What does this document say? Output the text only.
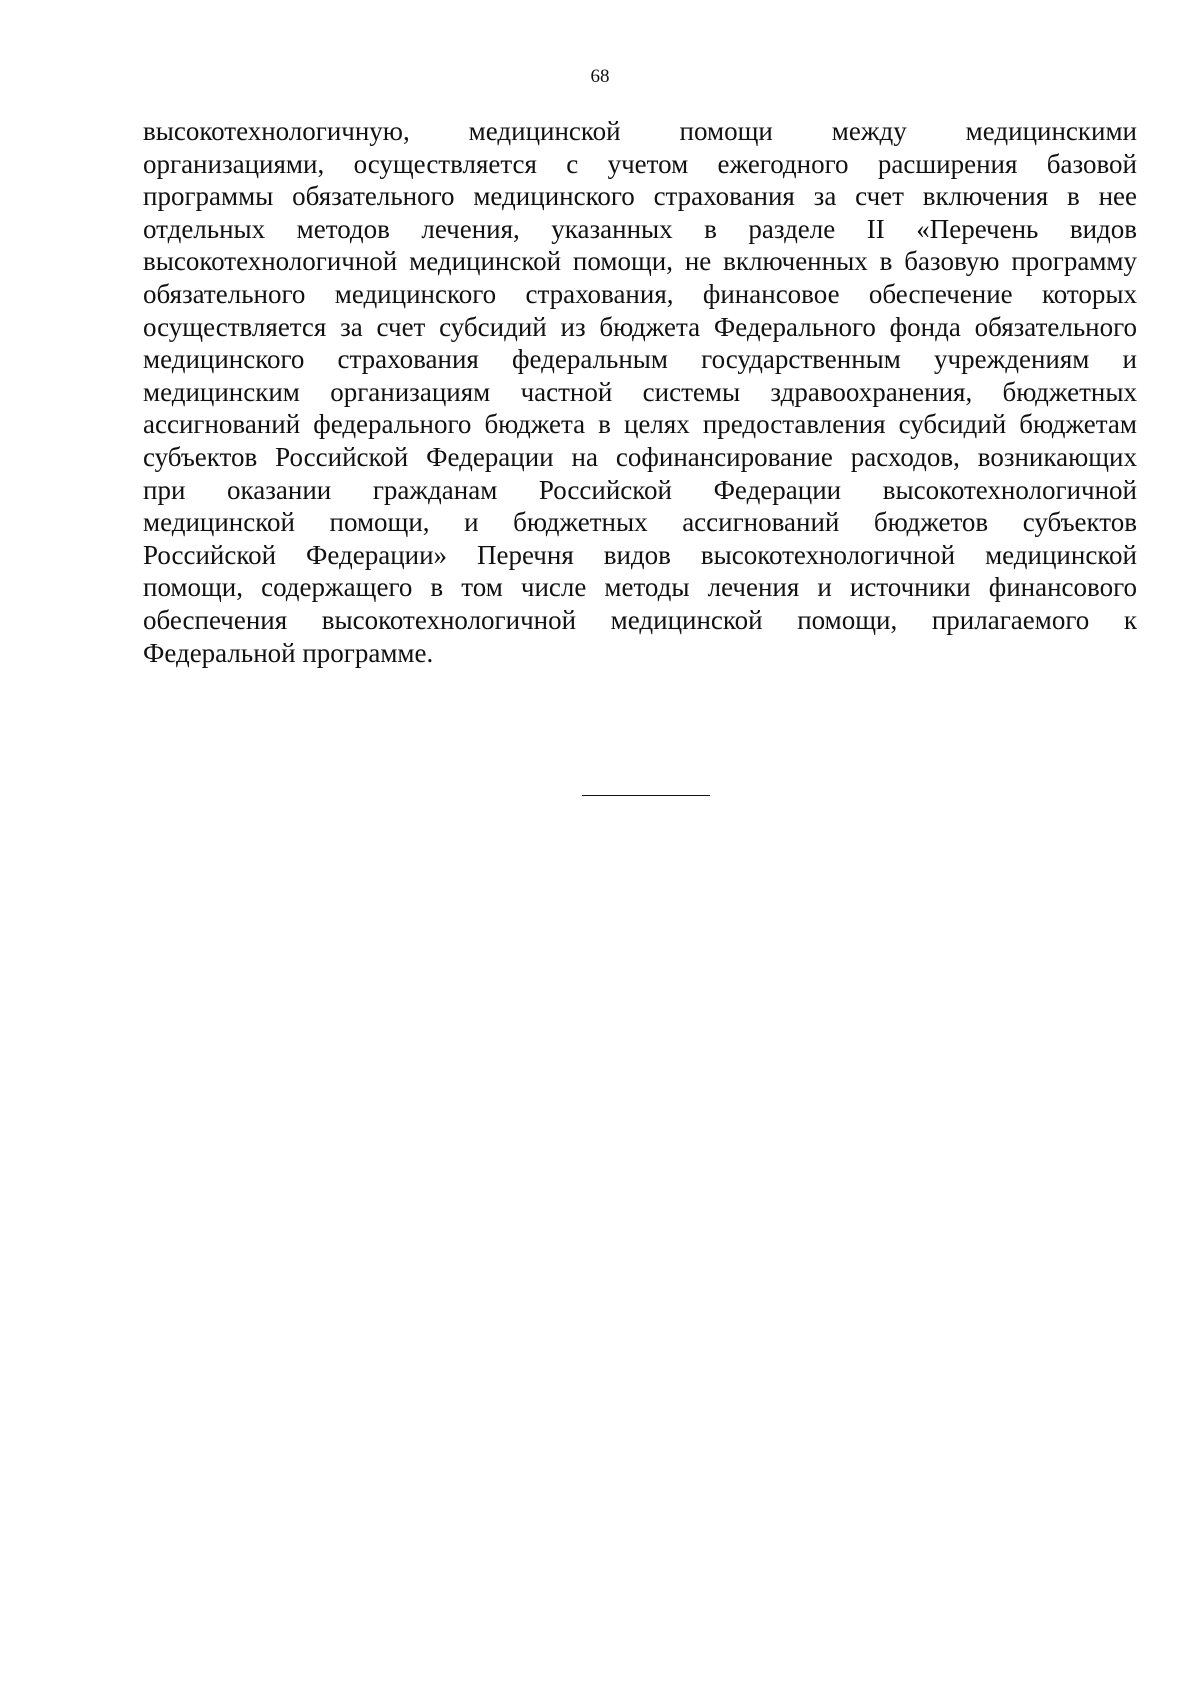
68
высокотехнологичную, медицинской помощи между медицинскими
организациями, осуществляется с учетом ежегодного расширения базовой
программы обязательного медицинского страхования за счет включения в нее
отдельных методов лечения, указанных в разделе II «Перечень видов
высокотехнологичной медицинской помощи, не включенных в базовую программу
обязательного медицинского страхования, финансовое обеспечение которых
осуществляется за счет субсидий из бюджета Федерального фонда обязательного
медицинского страхования федеральным государственным учреждениям и
медицинским организациям частной системы здравоохранения, бюджетных
ассигнований федерального бюджета в целях предоставления субсидий бюджетам
субъектов Российской Федерации на софинансирование расходов, возникающих
при оказании гражданам Российской Федерации высокотехнологичной
медицинской помощи, и бюджетных ассигнований бюджетов субъектов
Российской Федерации» Перечня видов высокотехнологичной медицинской
помощи, содержащего в том числе методы лечения и источники финансового
обеспечения высокотехнологичной медицинской помощи, прилагаемого к
Федеральной программе.
